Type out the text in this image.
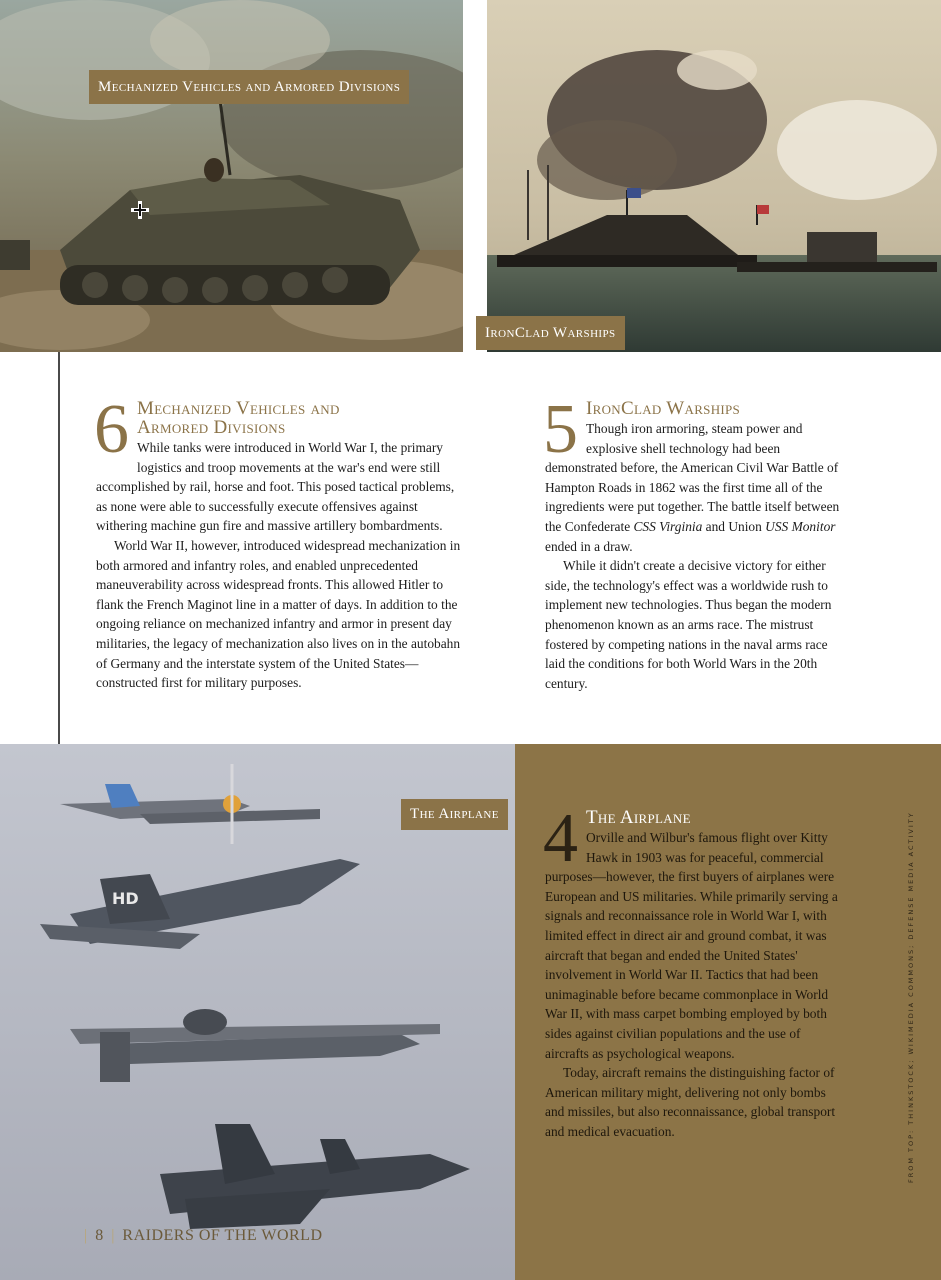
Mechanized Vehicles and Armored Divisions
IronClad Warships
6 Mechanized Vehicles and
Armored Divisions

While tanks were introduced in World War I, the primary logistics and troop movements at the war's end were still accomplished by rail, horse and foot. This posed tactical problems, as none were able to successfully execute offensives against withering machine gun fire and massive artillery bombardments.

World War II, however, introduced widespread mechanization in both armored and infantry roles, and enabled unprecedented maneuverability across widespread fronts. This allowed Hitler to flank the French Maginot line in a matter of days. In addition to the ongoing reliance on mechanized infantry and armor in present day militaries, the legacy of mechanization also lives on in the autobahn of Germany and the interstate system of the United States—constructed first for military purposes.

5 IronClad Warships

Though iron armoring, steam power and explosive shell technology had been demonstrated before, the American Civil War Battle of Hampton Roads in 1862 was the first time all of the ingredients were put together. The battle itself between the Confederate CSS Virginia and Union USS Monitor ended in a draw.

While it didn't create a decisive victory for either side, the technology's effect was a worldwide rush to implement new technologies. Thus began the modern phenomenon known as an arms race. The mistrust fostered by competing nations in the naval arms race laid the conditions for both World Wars in the 20th century.

HD
The Airplane 4 The Airplane

Orville and Wilbur's famous flight over Kitty Hawk in 1903 was for peaceful, commercial purposes—however, the first buyers of airplanes were European and US militaries. While primarily serving a signals and reconnaissance role in World War I, with limited effect in direct air and ground combat, it was aircraft that began and ended the United States' involvement in World War II. Tactics that had been unimaginable before became commonplace in World War II, with mass carpet bombing employed by both sides against civilian populations and the use of aircrafts as psychological weapons.

Today, aircraft remains the distinguishing factor of American military might, delivering not only bombs and missiles, but also reconnaissance, global transport and medical evacuation.	FROM TOP: THINKSTOCK; WIKIMEDIA COMMONS; DEFENSE MEDIA ACTIVITY
| 8 | RAIDERS OF THE WORLD
